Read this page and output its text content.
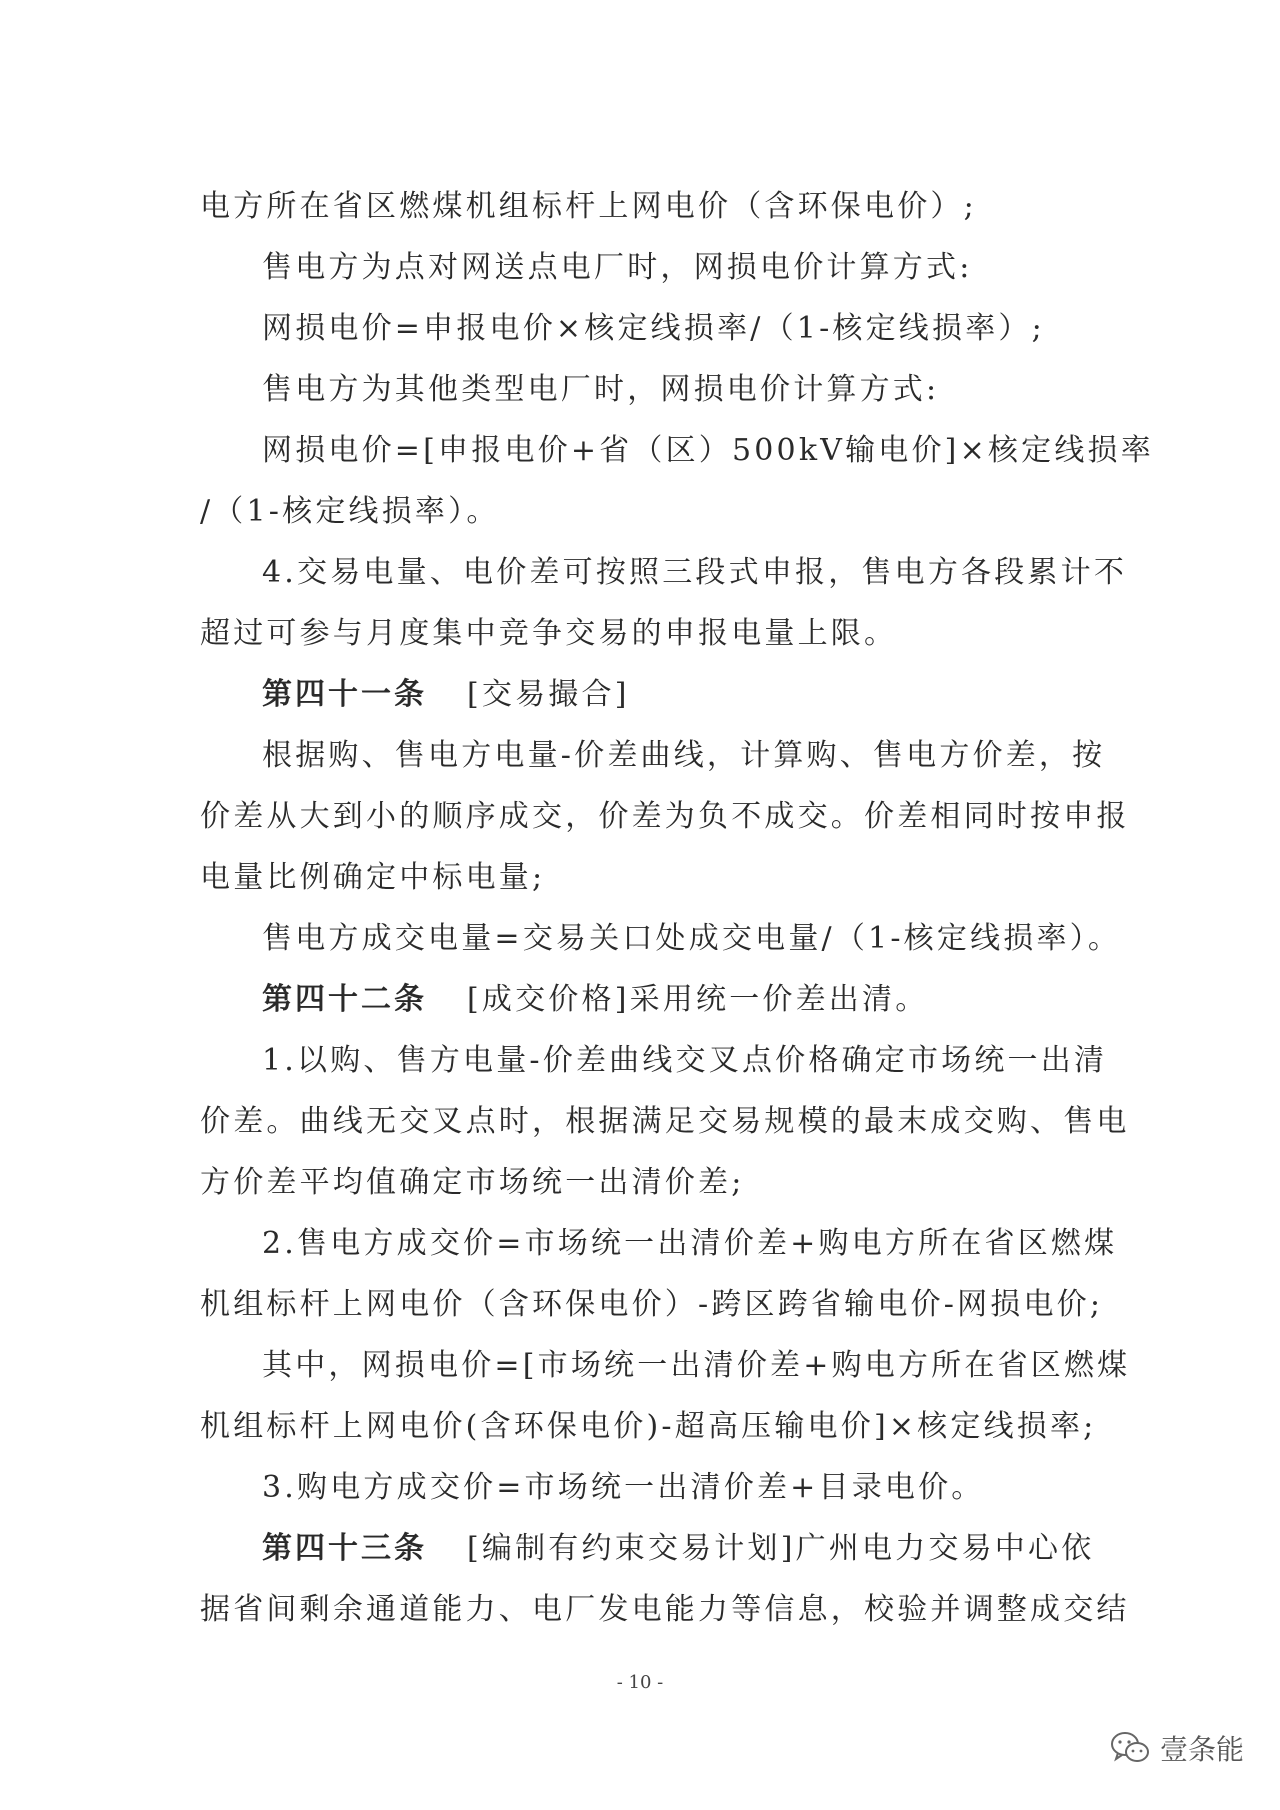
电方所在省区燃煤机组标杆上网电价（含环保电价）;
售电方为点对网送点电厂时，网损电价计算方式:
网损电价=申报电价×核定线损率/（1-核定线损率）;
售电方为其他类型电厂时，网损电价计算方式:
网损电价=[申报电价+省（区）500kV输电价]×核定线损率
/（1-核定线损率）。
4.交易电量、电价差可按照三段式申报，售电方各段累计不
超过可参与月度集中竞争交易的申报电量上限。
第四十一条 [交易撮合]
根据购、售电方电量-价差曲线，计算购、售电方价差，按
价差从大到小的顺序成交，价差为负不成交。价差相同时按申报
电量比例确定中标电量;
售电方成交电量=交易关口处成交电量/（1-核定线损率）。
第四十二条 [成交价格]采用统一价差出清。
1.以购、售方电量-价差曲线交叉点价格确定市场统一出清
价差。曲线无交叉点时，根据满足交易规模的最末成交购、售电
方价差平均值确定市场统一出清价差;
2.售电方成交价=市场统一出清价差+购电方所在省区燃煤
机组标杆上网电价（含环保电价）-跨区跨省输电价-网损电价;
其中，网损电价=[市场统一出清价差+购电方所在省区燃煤
机组标杆上网电价(含环保电价)-超高压输电价]×核定线损率;
3.购电方成交价=市场统一出清价差+目录电价。
第四十三条 [编制有约束交易计划]广州电力交易中心依
据省间剩余通道能力、电厂发电能力等信息，校验并调整成交结
- 10 -
壹条能
